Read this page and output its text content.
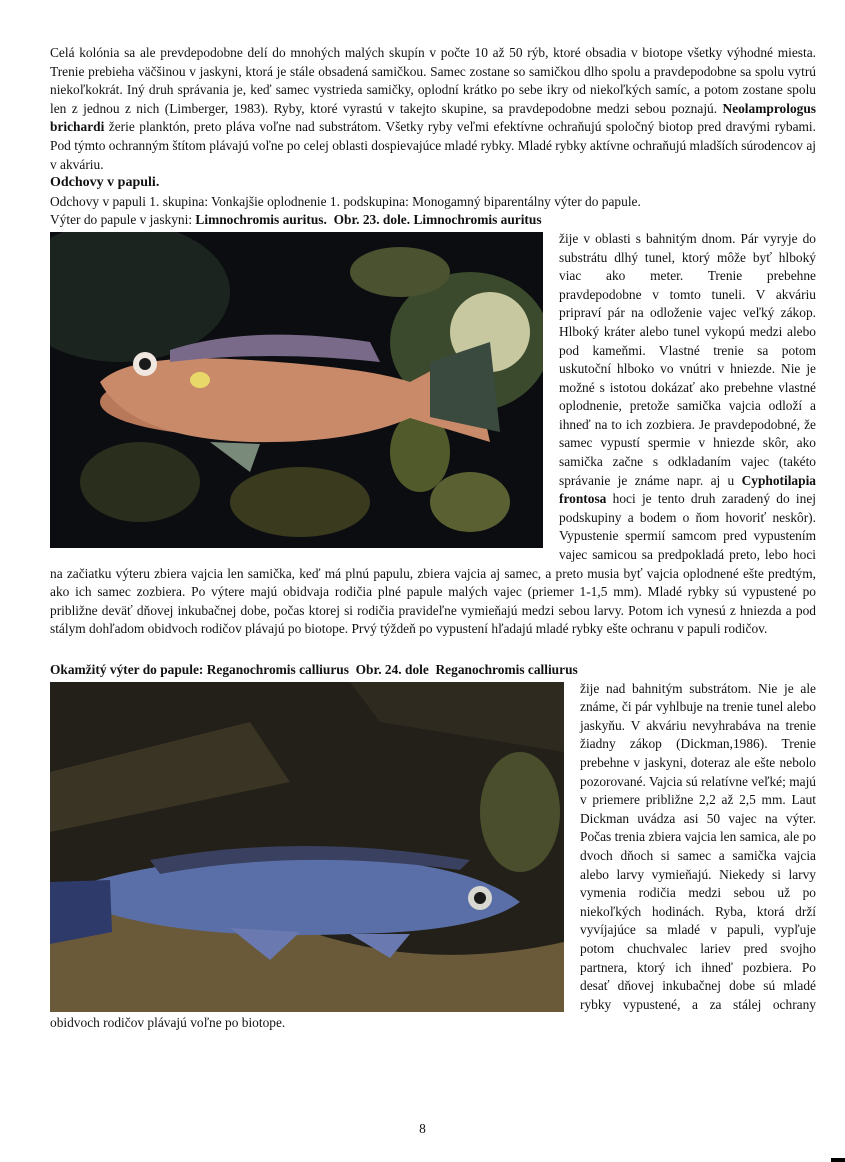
Celá kolónia sa ale prevdepodobne delí do mnohých malých skupín v počte 10 až 50 rýb, ktoré obsadia v biotope všetky výhodné miesta. Trenie prebieha väčšinou v jaskyni, ktorá je stále obsadená samičkou. Samec zostane so samičkou dlho spolu a pravdepodobne sa spolu vytrú niekoľkokrát. Iný druh správania je, keď samec vystrieda samičky, oplodní krátko po sebe ikry od niekoľkých samíc, a potom zostane spolu len z jednou z nich (Limberger, 1983). Ryby, ktoré vyrastú v takejto skupine, sa pravdepodobne medzi sebou poznajú. Neolamprologus brichardi žerie planktón, preto pláva voľne nad substrátom. Všetky ryby veľmi efektívne ochraňujú spoločný biotop pred dravými rybami. Pod týmto ochranným štítom plávajú voľne po celej oblasti dospievajúce mladé rybky. Mladé rybky aktívne ochraňujú mladších súrodencov aj v akváriu.

Odchovy v papuli.

Odchovy v papuli 1. skupina: Vonkajšie oplodnenie 1. podskupina: Monogamný biparentálny výter do papule.

Výter do papule v jaskyni: Limnochromis auritus. Obr. 23. dole. Limnochromis auritus

žije v oblasti s bahnitým dnom. Pár vyryje do substrátu dlhý tunel, ktorý môže byť hlboký viac ako meter. Trenie prebehne pravdepodobne v tomto tuneli. V akváriu pripraví pár na odloženie vajec veľký zákop. Hlboký kráter alebo tunel vykopú medzi alebo pod kameňmi. Vlastné trenie sa potom uskutoční hlboko vo vnútri v hniezde. Nie je možné s istotou dokázať ako prebehne vlastné oplodnenie, pretože samička vajcia odloží a ihneď na to ich zozbiera. Je pravdepodobné, že samec vypustí spermie v hniezde skôr, ako samička začne s odkladaním vajec (takéto správanie je známe napr. aj u Cyphotilapia frontosa hoci je tento druh zaradený do inej podskupiny a bodem o ňom hovoriť neskôr). Vypustenie spermií samcom pred vypustením vajec samicou sa predpokladá preto, lebo hoci na začiatku výteru zbiera vajcia len samička, keď má plnú papulu, zbiera vajcia aj samec, a preto musia byť vajcia oplodnené ešte predtým, ako ich samec zozbiera. Po výtere majú obidvaja rodičia plné papule malých vajec (priemer 1-1,5 mm). Mladé rybky sú vypustené po približne deväť dňovej inkubačnej dobe, počas ktorej si rodičia pravideľne vymieňajú medzi sebou larvy. Potom ich vynesú z hniezda a pod stálym dohľadom obidvoch rodičov plávajú po biotope. Prvý týždeň po vypustení hľadajú mladé rybky ešte ochranu v papuli rodičov.

Okamžitý výter do papule: Reganochromis calliurus Obr. 24. dole Reganochromis calliurus

žije nad bahnitým substrátom. Nie je ale známe, či pár vyhlbuje na trenie tunel alebo jaskyňu. V akváriu nevyhrabáva na trenie žiadny zákop (Dickman,1986). Trenie prebehne v jaskyni, doteraz ale ešte nebolo pozorované. Vajcia sú relatívne veľké; majú v priemere približne 2,2 až 2,5 mm. Laut Dickman uvádza asi 50 vajec na výter. Počas trenia zbiera vajcia len samica, ale po dvoch dňoch si samec a samička vajcia alebo larvy vymieňajú. Niekedy si larvy vymenia rodičia medzi sebou už po niekoľkých hodinách. Ryba, ktorá drží vyvíjajúce sa mladé v papuli, vypľuje potom chuchvalec lariev pred svojho partnera, ktorý ich ihneď pozbiera. Po desať dňovej inkubačnej dobe sú mladé rybky vypustené, a za stálej ochrany obidvoch rodičov plávajú voľne po biotope.

8
